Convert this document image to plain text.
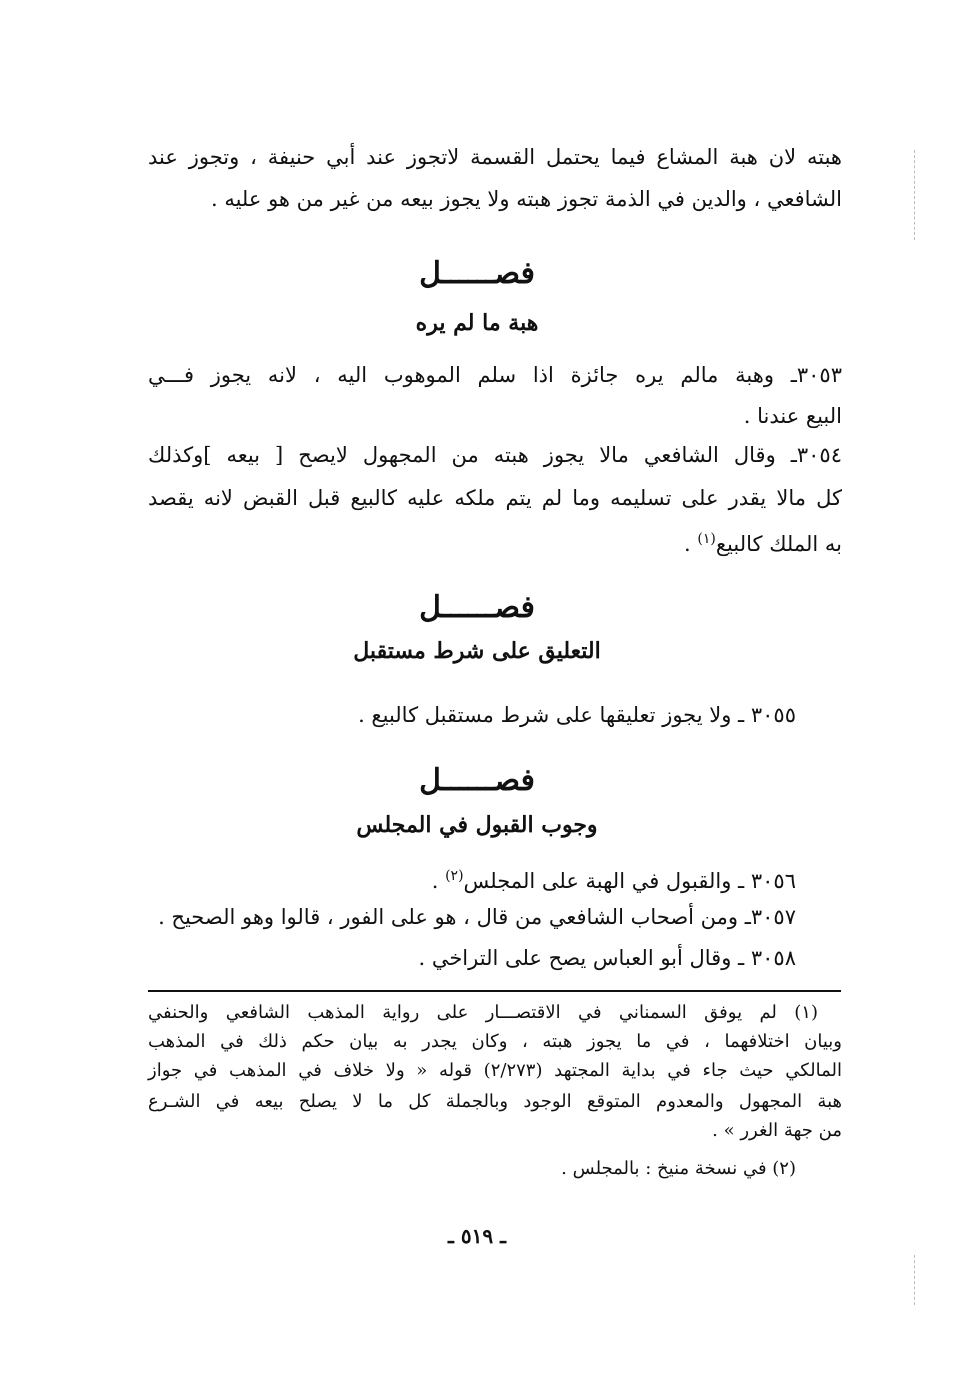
هبته لان هبة المشاع فيما يحتمل القسمة لاتجوز عند أبي حنيفة ، وتجوز عند
الشافعي ، والدين في الذمة تجوز هبته ولا يجوز بيعه من غير من هو عليه .
فصــــــل
هبة ما لم يره
٣٠٥٣ـ وهبة مالم يره جائزة اذا سلم الموهوب اليه ، لانه يجوز فـــي
البيع عندنا .
٣٠٥٤ـ وقال الشافعي مالا يجوز هبته من المجهول لايصح [ بيعه ]وكذلك
كل مالا يقدر على تسليمه وما لم يتم ملكه عليه كالبيع قبل القبض لانه يقصد
به الملك كالبيع$^{(١)}$ .
فصــــــل
التعليق على شرط مستقبل
٣٠٥٥ ـ ولا يجوز تعليقها على شرط مستقبل كالبيع .
فصــــــل
وجوب القبول في المجلس
٣٠٥٦ ـ والقبول في الهبة على المجلس$^{(٢)}$ .
٣٠٥٧ـ ومن أصحاب الشافعي من قال ، هو على الفور ، قالوا وهو الصحيح .
٣٠٥٨ ـ وقال أبو العباس يصح على التراخي .
(١) لم يوفق السمناني في الاقتصـــار على رواية المذهب الشافعي والحنفي
وبيان اختلافهما ، في ما يجوز هبته ، وكان يجدر به بيان حكم ذلك في المذهب
المالكي حيث جاء في بداية المجتهد (٢/٢٧٣) قوله « ولا خلاف في المذهب في جواز
هبة المجهول والمعدوم المتوقع الوجود وبالجملة كل ما لا يصلح بيعه في الشـرع
من جهة الغرر » .
(٢) في نسخة منيخ : بالمجلس .
ـ ٥١٩ ـ
